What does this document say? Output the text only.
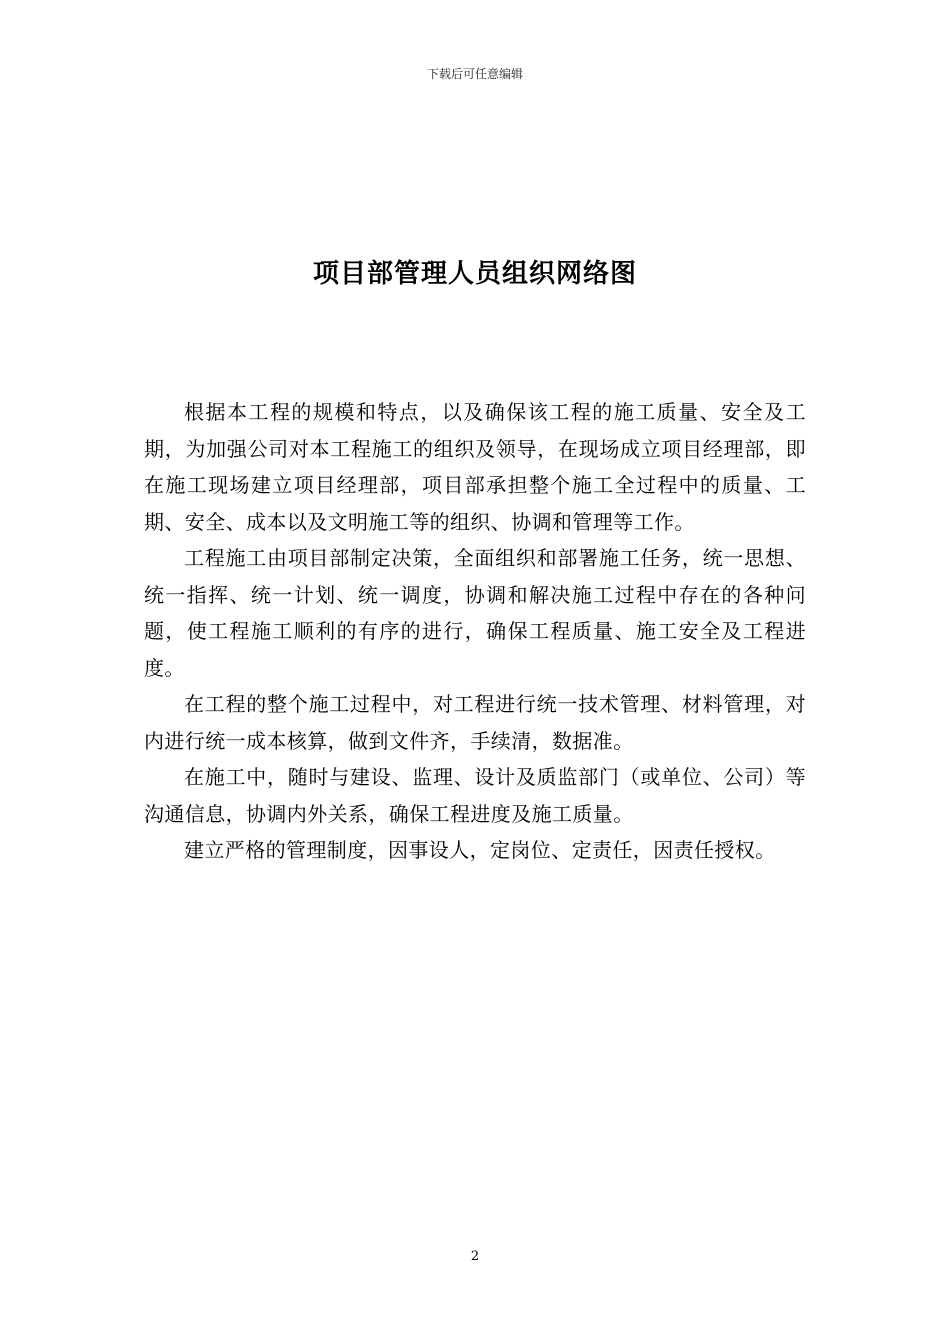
下载后可任意编辑
项目部管理人员组织网络图

根据本工程的规模和特点，以及确保该工程的施工质量、安全及工期，为加强公司对本工程施工的组织及领导，在现场成立项目经理部，即在施工现场建立项目经理部，项目部承担整个施工全过程中的质量、工期、安全、成本以及文明施工等的组织、协调和管理等工作。

工程施工由项目部制定决策，全面组织和部署施工任务，统一思想、统一指挥、统一计划、统一调度，协调和解决施工过程中存在的各种问题，使工程施工顺利的有序的进行，确保工程质量、施工安全及工程进度。

在工程的整个施工过程中，对工程进行统一技术管理、材料管理，对内进行统一成本核算，做到文件齐，手续清，数据准。

在施工中，随时与建设、监理、设计及质监部门（或单位、公司）等沟通信息，协调内外关系，确保工程进度及施工质量。

建立严格的管理制度，因事设人，定岗位、定责任，因责任授权。

2
